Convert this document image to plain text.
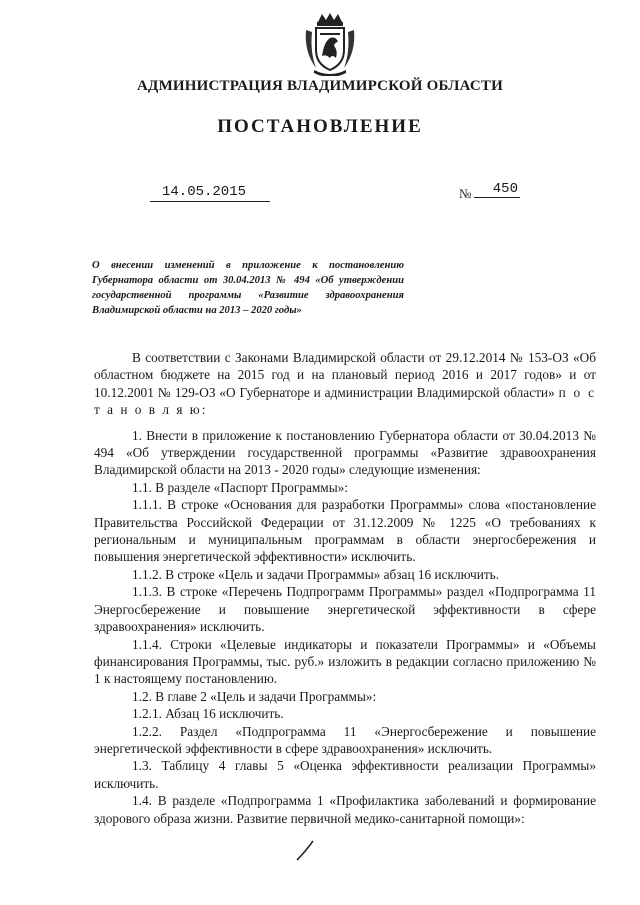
АДМИНИСТРАЦИЯ ВЛАДИМИРСКОЙ ОБЛАСТИ
ПОСТАНОВЛЕНИЕ
14.05.2015	№	450

О внесении изменений в приложение к постановлению Губернатора области от 30.04.2013 № 494 «Об утверждении государственной программы «Развитие здравоохранения Владимирской области на 2013 – 2020 годы»

В соответствии с Законами Владимирской области от 29.12.2014 № 153-ОЗ «Об областном бюджете на 2015 год и на плановый период 2016 и 2017 годов» и от 10.12.2001 № 129-ОЗ «О Губернаторе и администрации Владимирской области» п о с т а н о в л я ю:

1. Внести в приложение к постановлению Губернатора области от 30.04.2013 № 494 «Об утверждении государственной программы «Развитие здравоохранения Владимирской области на 2013 - 2020 годы» следующие изменения:

1.1. В разделе «Паспорт Программы»:

1.1.1. В строке «Основания для разработки Программы» слова «постановление Правительства Российской Федерации от 31.12.2009 № 1225 «О требованиях к региональным и муниципальным программам в области энергосбережения и повышения энергетической эффективности» исключить.

1.1.2. В строке «Цель и задачи Программы» абзац 16 исключить.

1.1.3. В строке «Перечень Подпрограмм Программы» раздел «Подпрограмма 11 Энергосбережение и повышение энергетической эффективности в сфере здравоохранения» исключить.

1.1.4. Строки «Целевые индикаторы и показатели Программы» и «Объемы финансирования Программы, тыс. руб.» изложить в редакции согласно приложению № 1 к настоящему постановлению.

1.2. В главе 2 «Цель и задачи Программы»:

1.2.1. Абзац 16 исключить.

1.2.2. Раздел «Подпрограмма 11 «Энергосбережение и повышение энергетической эффективности в сфере здравоохранения» исключить.

1.3. Таблицу 4 главы 5 «Оценка эффективности реализации Программы» исключить.

1.4. В разделе «Подпрограмма 1 «Профилактика заболеваний и формирование здорового образа жизни. Развитие первичной медико-санитарной помощи»:
